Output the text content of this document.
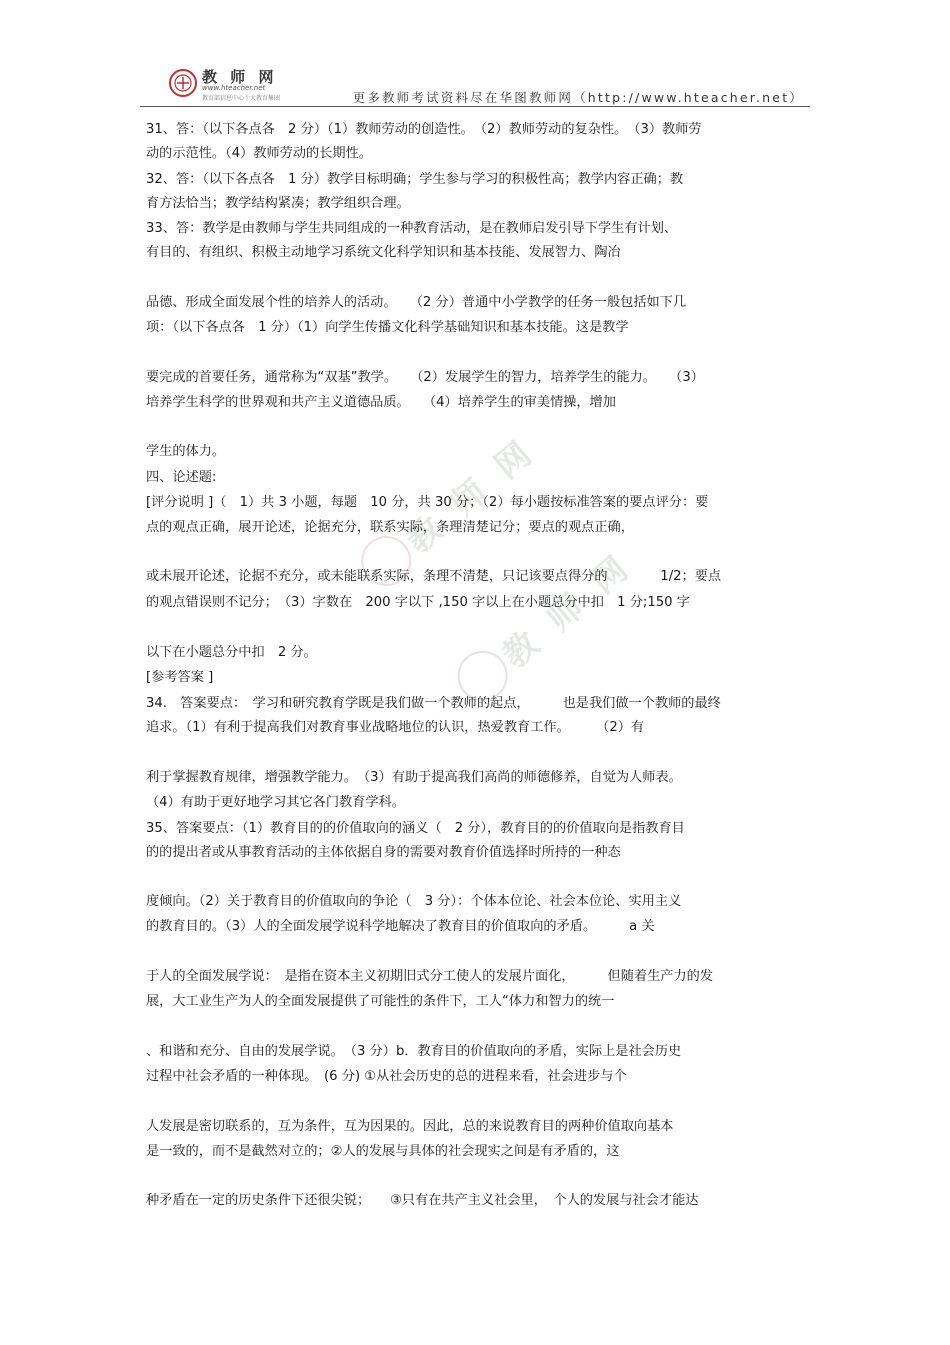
教 师 网
www.hteacher.net
教育部信息中心十大教育集团	更多教师考试资料尽在华图教师网（http://www.hteacher.net）
教 师 网
教 师 网
31、答：（以下各点各　2 分）（1）教师劳动的创造性。　（2）教师劳动的复杂性。　（3）教师劳
动的示范性。（4）教师劳动的长期性。
32、答：（以下各点各　1 分）教学目标明确；学生参与学习的积极性高；教学内容正确；教
育方法恰当；教学结构紧凑；教学组织合理。
33、答：教学是由教师与学生共同组成的一种教育活动，是在教师启发引导下学生有计划、
有目的、有组织、积极主动地学习系统文化科学知识和基本技能、发展智力、陶冶
品德、形成全面发展个性的培养人的活动。　　（2 分）普通中小学教学的任务一般包括如下几
项：（以下各点各　1 分）（1）向学生传播文化科学基础知识和基本技能。这是教学
要完成的首要任务，通常称为“双基”教学。　　（2）发展学生的智力，培养学生的能力。　　（3）
培养学生科学的世界观和共产主义道德品质。　　（4）培养学生的审美情操，增加
学生的体力。
四、论述题:
[评分说明 ]（　1）共 3 小题，每题　10 分，共 30 分；（2）每小题按标准答案的要点评分：要
点的观点正确，展开论述，论据充分，联系实际，条理清楚记分；要点的观点正确，
或未展开论述，论据不充分，或未能联系实际，条理不清楚，只记该要点得分的　　　　1/2；要点
的观点错误则不记分；　（3）字数在　200 字以下 ,150 字以上在小题总分中扣　1 分;150 字
以下在小题总分中扣　2 分。
[参考答案 ]
34.　答案要点：　学习和研究教育学既是我们做一个教师的起点，　　　也是我们做一个教师的最终
追求。（1）有利于提高我们对教育事业战略地位的认识，热爱教育工作。　　　（2）有
利于掌握教育规律，增强教学能力。　（3）有助于提高我们高尚的师德修养，自觉为人师表。
（4）有助于更好地学习其它各门教育学科。
35、答案要点：（1）教育目的的价值取向的涵义（　2 分），教育目的的价值取向是指教育目
的的提出者或从事教育活动的主体依据自身的需要对教育价值选择时所持的一种态
度倾向。（2）关于教育目的价值取向的争论（　3 分）：个体本位论、社会本位论、实用主义
的教育目的。（3）人的全面发展学说科学地解决了教育目的价值取向的矛盾。　　　a 关
于人的全面发展学说：　是指在资本主义初期旧式分工使人的发展片面化，　　　但随着生产力的发
展，大工业生产为人的全面发展提供了可能性的条件下，工人“体力和智力的统一
、和谐和充分、自由的发展学说。　（3 分）b．教育目的价值取向的矛盾，实际上是社会历史
过程中社会矛盾的一种体现。　(6 分) ①从社会历史的总的进程来看，社会进步与个
人发展是密切联系的，互为条件，互为因果的。因此，总的来说教育目的两种价值取向基本
是一致的，而不是截然对立的；②人的发展与具体的社会现实之间是有矛盾的，这
种矛盾在一定的历史条件下还很尖锐；　　③只有在共产主义社会里，　个人的发展与社会才能达
